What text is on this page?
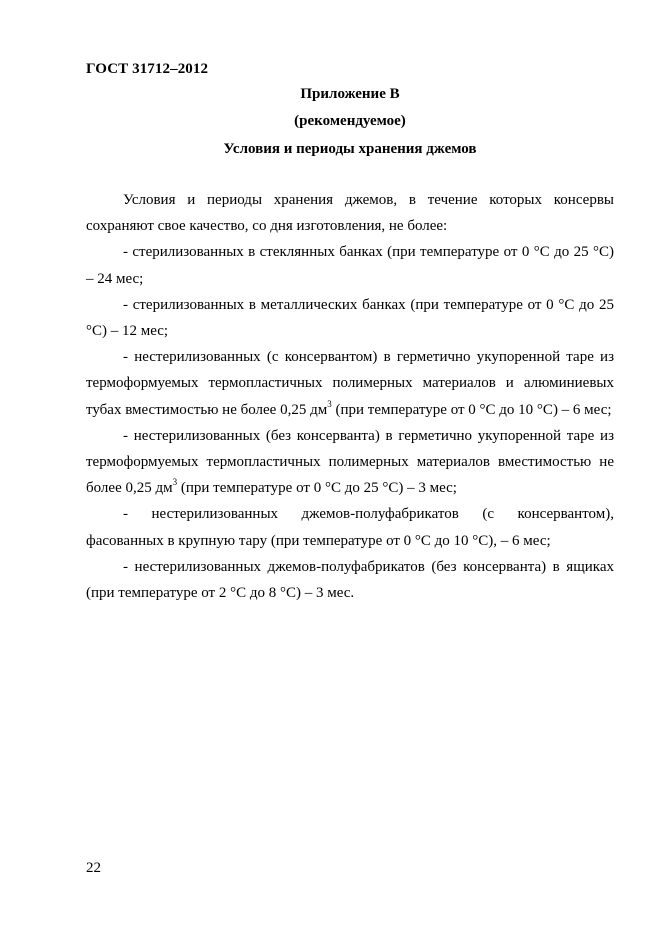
ГОСТ 31712–2012
Приложение В
(рекомендуемое)
Условия и периоды хранения джемов

Условия и периоды хранения джемов, в течение которых консервы сохраняют свое качество, со дня изготовления, не более:

- стерилизованных в стеклянных банках (при температуре от 0 °С до 25 °С) – 24 мес;

- стерилизованных в металлических банках (при температуре от 0 °С до 25 °С) – 12 мес;

- нестерилизованных (с консервантом) в герметично укупоренной таре из термоформуемых термопластичных полимерных материалов и алюминиевых тубах вместимостью не более 0,25 $дм^3$ (при температуре от 0 °С до 10 °С) – 6 мес;

- нестерилизованных (без консерванта) в герметично укупоренной таре из термоформуемых термопластичных полимерных материалов вместимостью не более 0,25 $дм^3$ (при температуре от 0 °С до 25 °С) – 3 мес;

- нестерилизованных джемов-полуфабрикатов (с консервантом), фасованных в крупную тару (при температуре от 0 °С до 10 °С), – 6 мес;

- нестерилизованных джемов-полуфабрикатов (без консерванта) в ящиках (при температуре от 2 °С до 8 °С) – 3 мес.

22
